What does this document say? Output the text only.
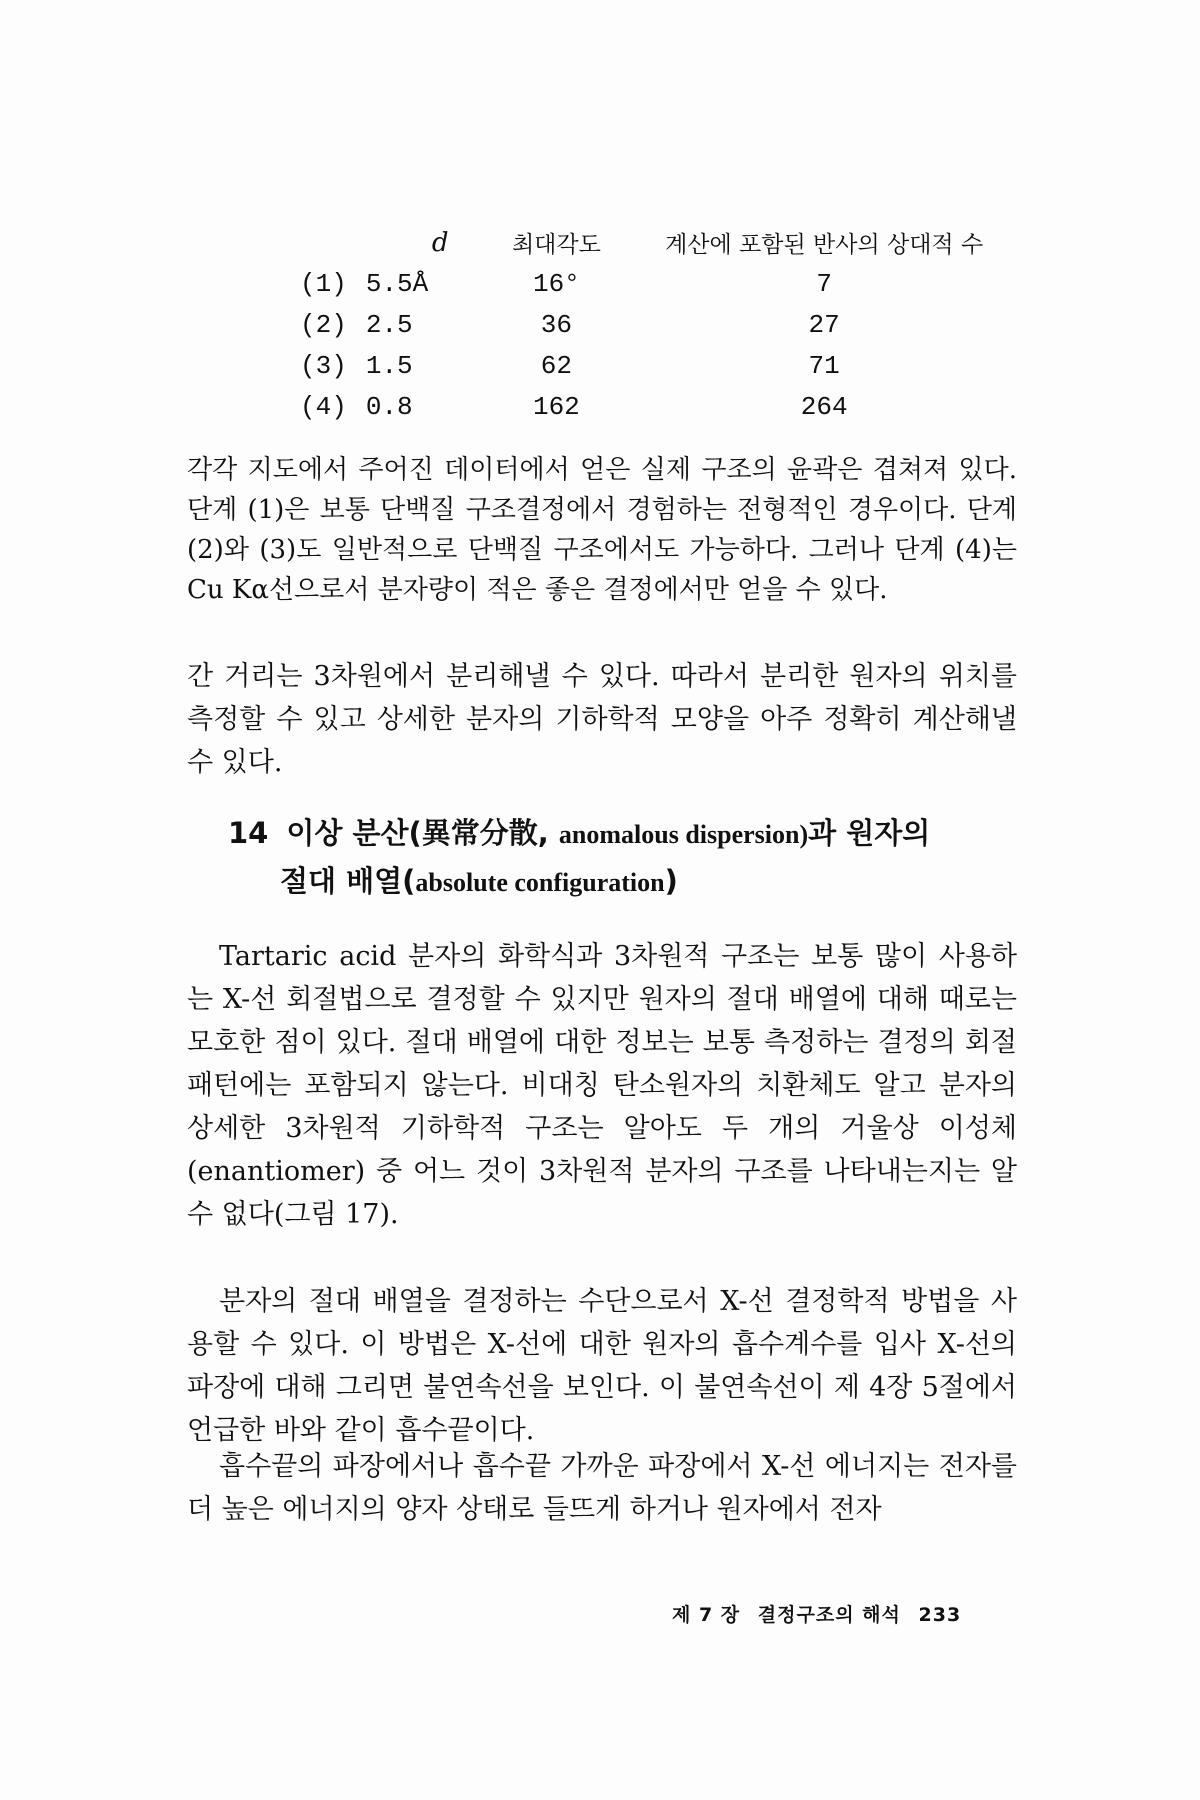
	d	최대각도	계산에 포함된 반사의 상대적 수
(1)	5.5Å	16°	7
(2)	2.5	36	27
(3)	1.5	62	71
(4)	0.8	162	264

각각 지도에서 주어진 데이터에서 얻은 실제 구조의 윤곽은 겹쳐져 있다. 단계 (1)은 보통 단백질 구조결정에서 경험하는 전형적인 경우이다. 단계 (2)와 (3)도 일반적으로 단백질 구조에서도 가능하다. 그러나 단계 (4)는 Cu Kα선으로서 분자량이 적은 좋은 결정에서만 얻을 수 있다.

간 거리는 3차원에서 분리해낼 수 있다. 따라서 분리한 원자의 위치를 측정할 수 있고 상세한 분자의 기하학적 모양을 아주 정확히 계산해낼 수 있다.

14 이상 분산(異常分散, anomalous dispersion)과 원자의
절대 배열(absolute configuration)

Tartaric acid 분자의 화학식과 3차원적 구조는 보통 많이 사용하는 X-선 회절법으로 결정할 수 있지만 원자의 절대 배열에 대해 때로는 모호한 점이 있다. 절대 배열에 대한 정보는 보통 측정하는 결정의 회절 패턴에는 포함되지 않는다. 비대칭 탄소원자의 치환체도 알고 분자의 상세한 3차원적 기하학적 구조는 알아도 두 개의 거울상 이성체(enantiomer) 중 어느 것이 3차원적 분자의 구조를 나타내는지는 알 수 없다(그림 17).

분자의 절대 배열을 결정하는 수단으로서 X-선 결정학적 방법을 사용할 수 있다. 이 방법은 X-선에 대한 원자의 흡수계수를 입사 X-선의 파장에 대해 그리면 불연속선을 보인다. 이 불연속선이 제 4장 5절에서 언급한 바와 같이 흡수끝이다.

흡수끝의 파장에서나 흡수끝 가까운 파장에서 X-선 에너지는 전자를 더 높은 에너지의 양자 상태로 들뜨게 하거나 원자에서 전자

제 7 장 결정구조의 해석 233
